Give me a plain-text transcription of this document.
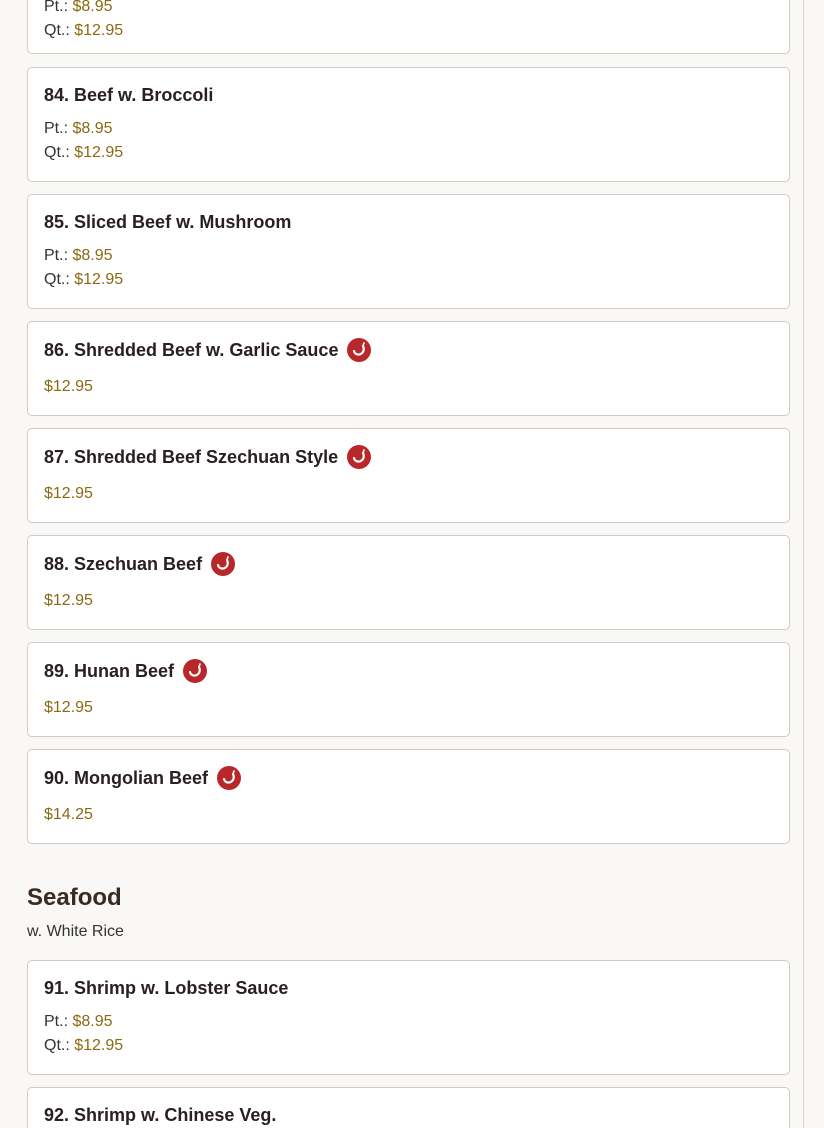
Pt.: $8.95
Qt.: $12.95
84. Beef w. Broccoli
Pt.: $8.95
Qt.: $12.95
85. Sliced Beef w. Mushroom
Pt.: $8.95
Qt.: $12.95
86. Shredded Beef w. Garlic Sauce
$12.95
87. Shredded Beef Szechuan Style
$12.95
88. Szechuan Beef
$12.95
89. Hunan Beef
$12.95
90. Mongolian Beef
$14.25
Seafood
w. White Rice
91. Shrimp w. Lobster Sauce
Pt.: $8.95
Qt.: $12.95
92. Shrimp w. Chinese Veg.
